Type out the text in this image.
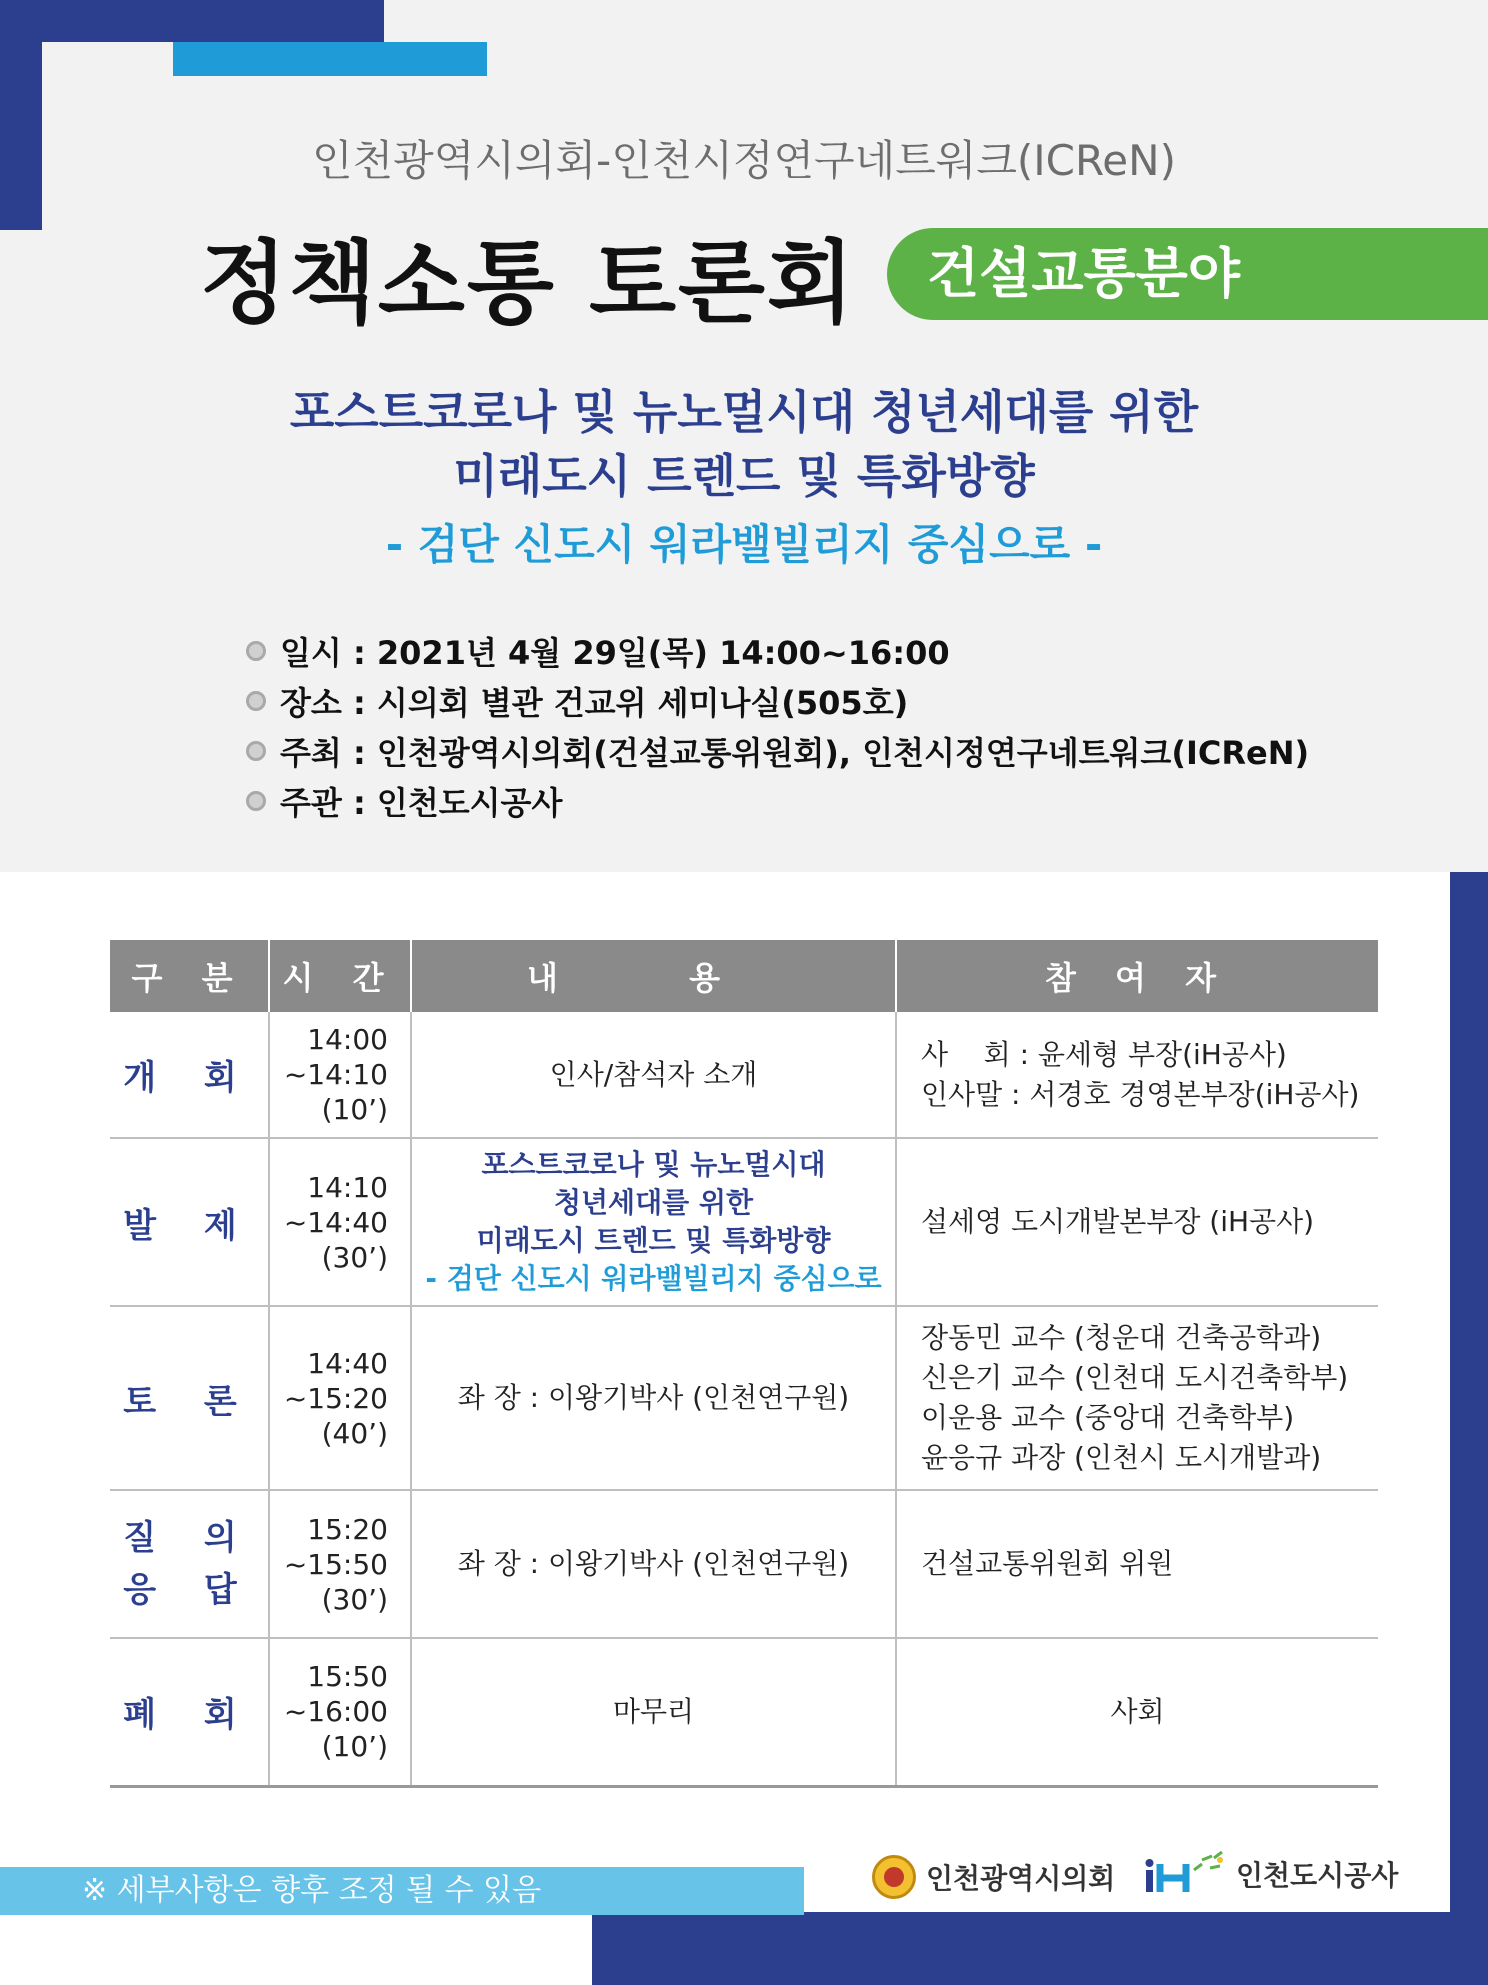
인천광역시의회-인천시정연구네트워크(ICReN)
정책소통 토론회	건설교통분야
포스트코로나 및 뉴노멀시대 청년세대를 위한
미래도시 트렌드 및 특화방향
- 검단 신도시 워라밸빌리지 중심으로 -
일시 : 2021년 4월 29일(목) 14:00~16:00
장소 : 시의회 별관 건교위 세미나실(505호)
주최 : 인천광역시의회(건설교통위원회), 인천시정연구네트워크(ICReN)
주관 : 인천도시공사
구 분	시 간	내 용	참 여 자

개 회	14:00
~14:10
(10’)	인사/참석자 소개	사    회 : 윤세형 부장(iH공사)
인사말 : 서경호 경영본부장(iH공사)

발 제	14:10
~14:40
(30’)	포스트코로나 및 뉴노멀시대
청년세대를 위한
미래도시 트렌드 및 특화방향
- 검단 신도시 워라밸빌리지 중심으로	설세영 도시개발본부장 (iH공사)

토 론	14:40
~15:20
(40’)	좌 장 : 이왕기박사 (인천연구원)	장동민 교수 (청운대 건축공학과)
신은기 교수 (인천대 도시건축학부)
이운용 교수 (중앙대 건축학부)
윤응규 과장 (인천시 도시개발과)

질 의
응 답	15:20
~15:50
(30’)	좌 장 : 이왕기박사 (인천연구원)	건설교통위원회 위원

폐 회	15:50
~16:00
(10’)	마무리	사회
※ 세부사항은 향후 조정 될 수 있음	인천광역시의회	인천도시공사
